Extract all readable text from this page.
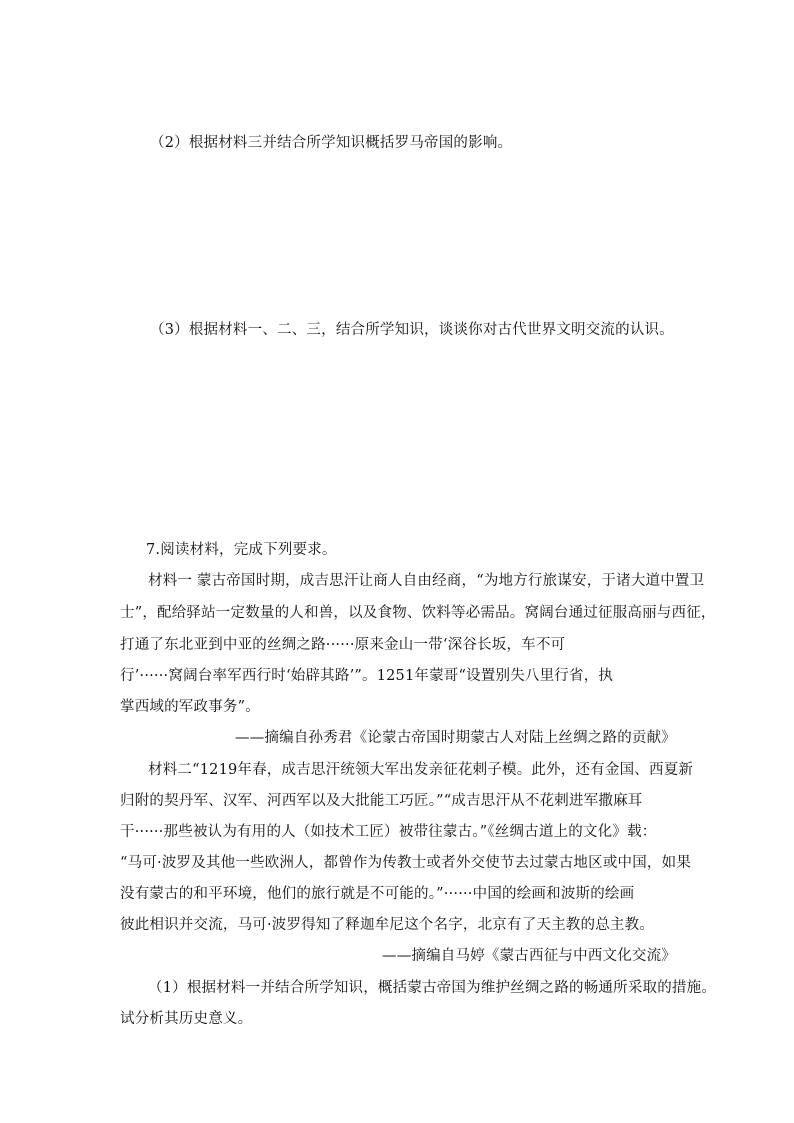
（2）根据材料三并结合所学知识概括罗马帝国的影响。
（3）根据材料一、二、三，结合所学知识，谈谈你对古代世界文明交流的认识。
7.阅读材料，完成下列要求。
材料一 蒙古帝国时期，成吉思汗让商人自由经商，“为地方行旅谋安，于诸大道中置卫
士”，配给驿站一定数量的人和兽，以及食物、饮料等必需品。窝阔台通过征服高丽与西征，
打通了东北亚到中亚的丝绸之路······原来金山一带‘深谷长坂，车不可
行’······窝阔台率军西行时‘始辟其路’”。1251年蒙哥“设置别失八里行省，执
掌西域的军政事务”。
——摘编自孙秀君《论蒙古帝国时期蒙古人对陆上丝绸之路的贡献》
材料二“1219年春，成吉思汗统领大军出发亲征花剌子模。此外，还有金国、西夏新
归附的契丹军、汉军、河西军以及大批能工巧匠。”“成吉思汗从不花剌进军撒麻耳
干······那些被认为有用的人（如技术工匠）被带往蒙古。”《丝绸古道上的文化》载：
“马可·波罗及其他一些欧洲人，都曾作为传教士或者外交使节去过蒙古地区或中国，如果
没有蒙古的和平环境，他们的旅行就是不可能的。”······中国的绘画和波斯的绘画
彼此相识并交流，马可·波罗得知了释迦牟尼这个名字，北京有了天主教的总主教。
——摘编自马婷《蒙古西征与中西文化交流》
（1）根据材料一并结合所学知识，概括蒙古帝国为维护丝绸之路的畅通所采取的措施。
试分析其历史意义。
